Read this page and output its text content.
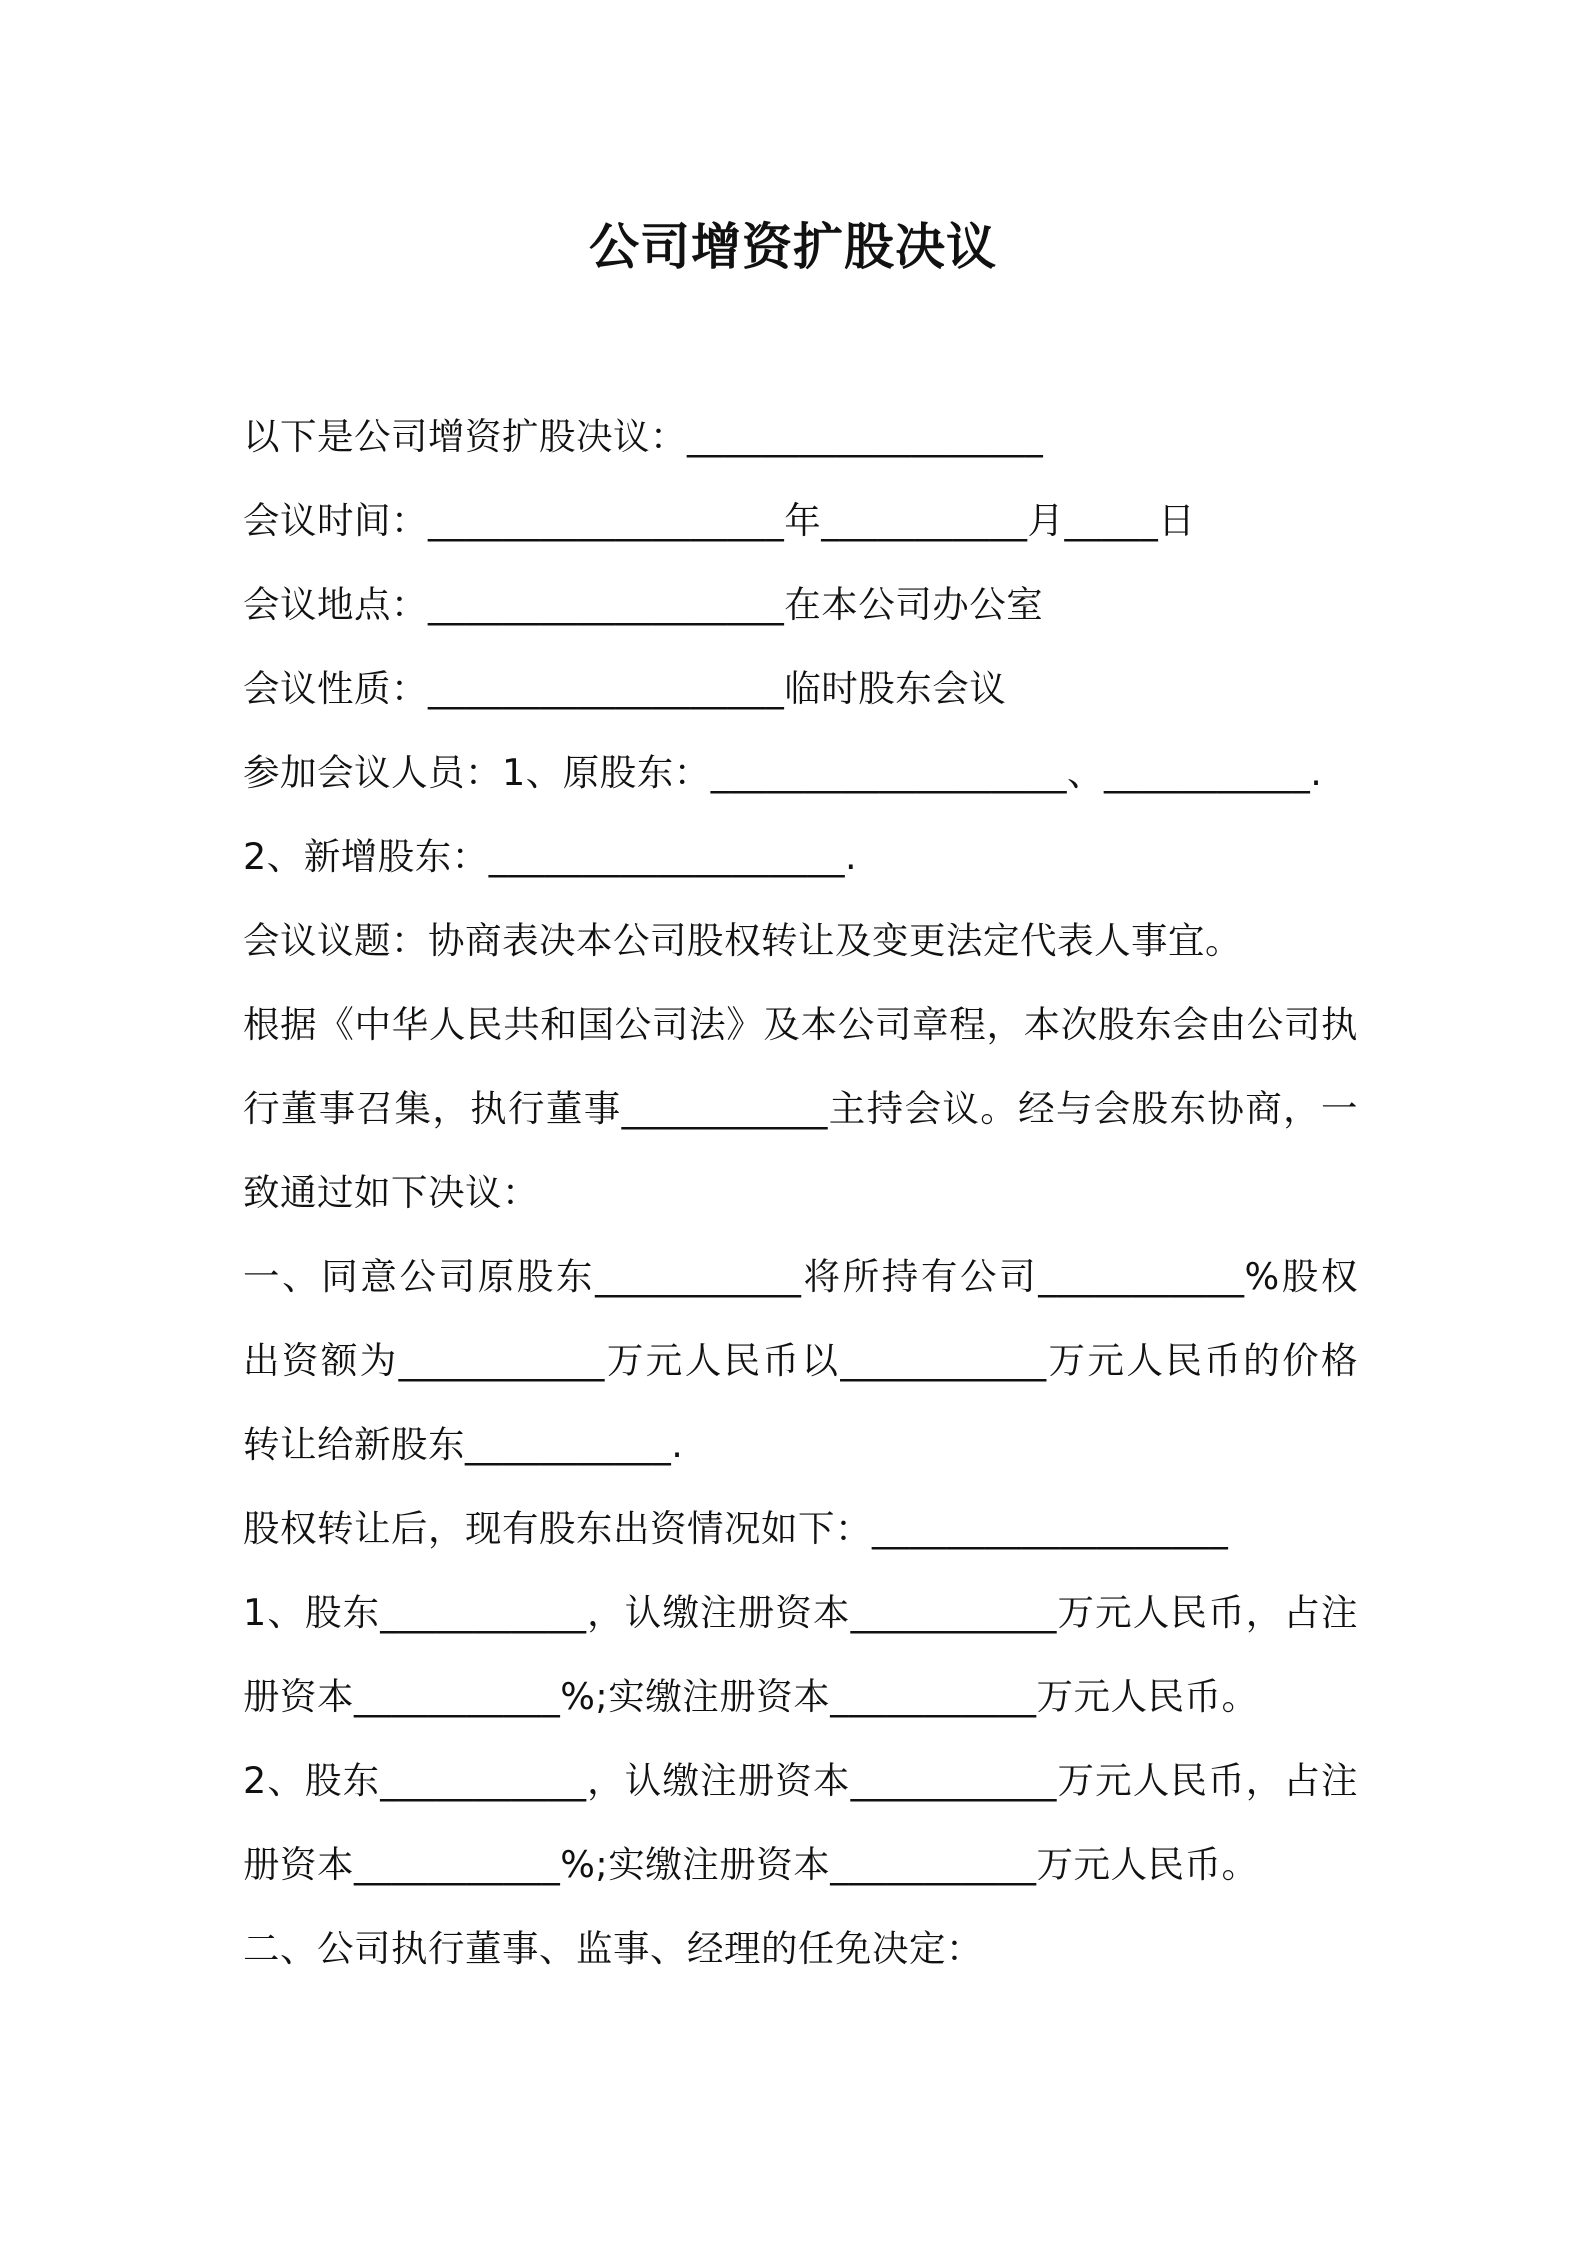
公司增资扩股决议
以下是公司增资扩股决议：___________________
会议时间：___________________年___________月_____日
会议地点：___________________在本公司办公室
会议性质：___________________临时股东会议
参加会议人员：1、原股东：___________________、___________.
2、新增股东：___________________.
会议议题：协商表决本公司股权转让及变更法定代表人事宜。
根据《中华人民共和国公司法》及本公司章程，本次股东会由公司执
行董事召集，执行董事___________主持会议。经与会股东协商，一
致通过如下决议：
一、同意公司原股东___________将所持有公司___________%股权
出资额为___________万元人民币以___________万元人民币的价格
转让给新股东___________.
股权转让后，现有股东出资情况如下：___________________
1、股东___________，认缴注册资本___________万元人民币，占注
册资本___________%;实缴注册资本___________万元人民币。
2、股东___________，认缴注册资本___________万元人民币，占注
册资本___________%;实缴注册资本___________万元人民币。
二、公司执行董事、监事、经理的任免决定：
